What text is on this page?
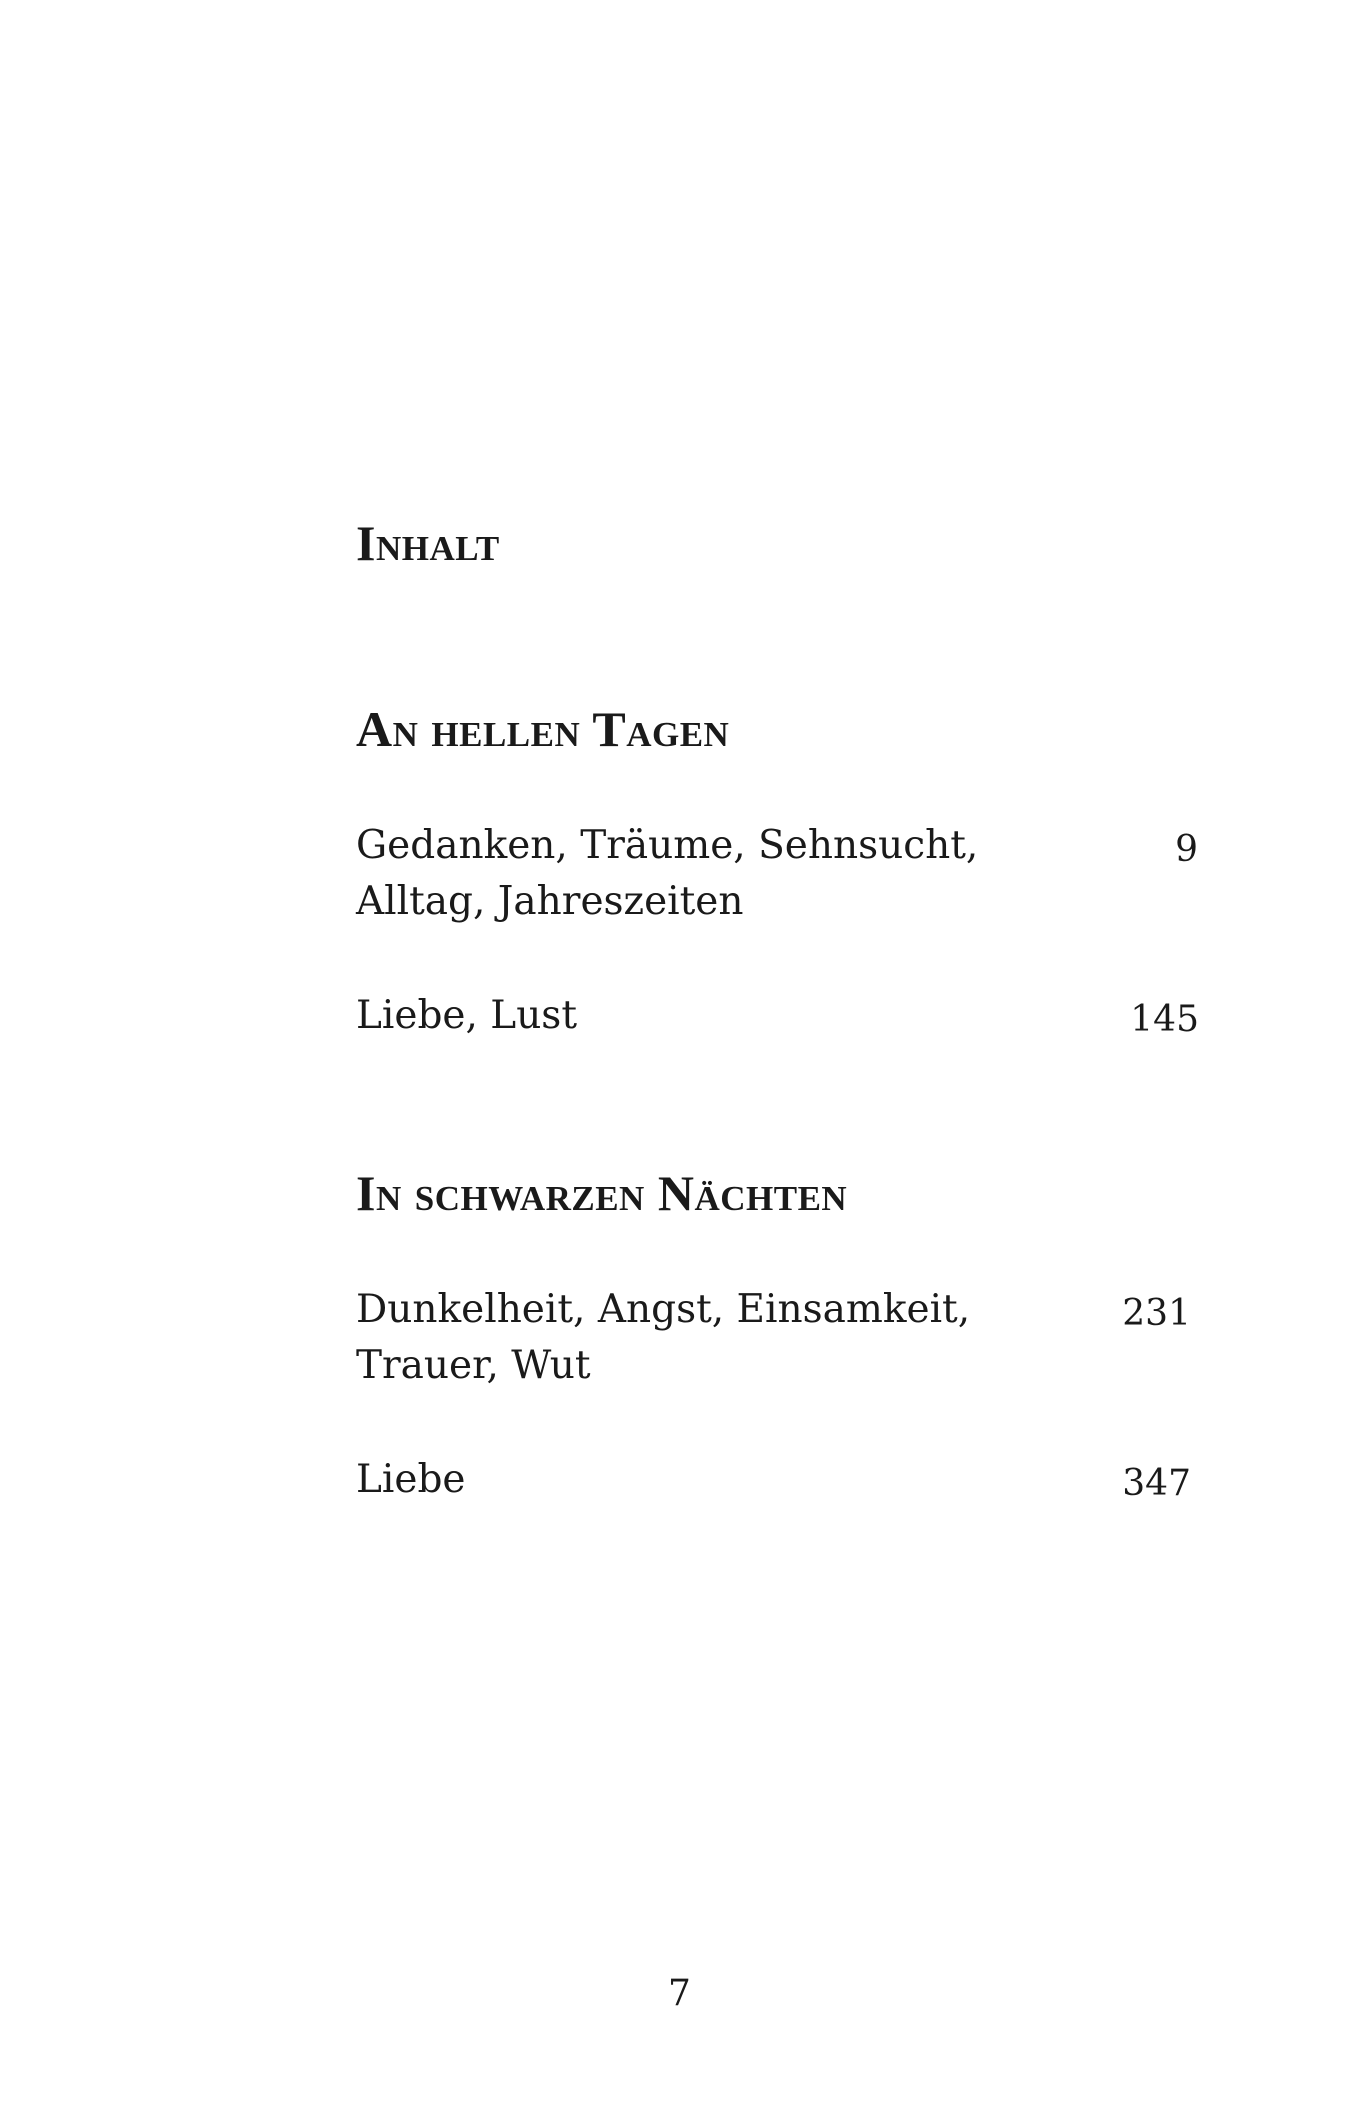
Inhalt
An hellen Tagen
Gedanken, Träume, Sehnsucht,
Alltag, Jahreszeiten
9
Liebe, Lust	145
In schwarzen Nächten
Dunkelheit, Angst, Einsamkeit,
Trauer, Wut
231
Liebe	347
7
